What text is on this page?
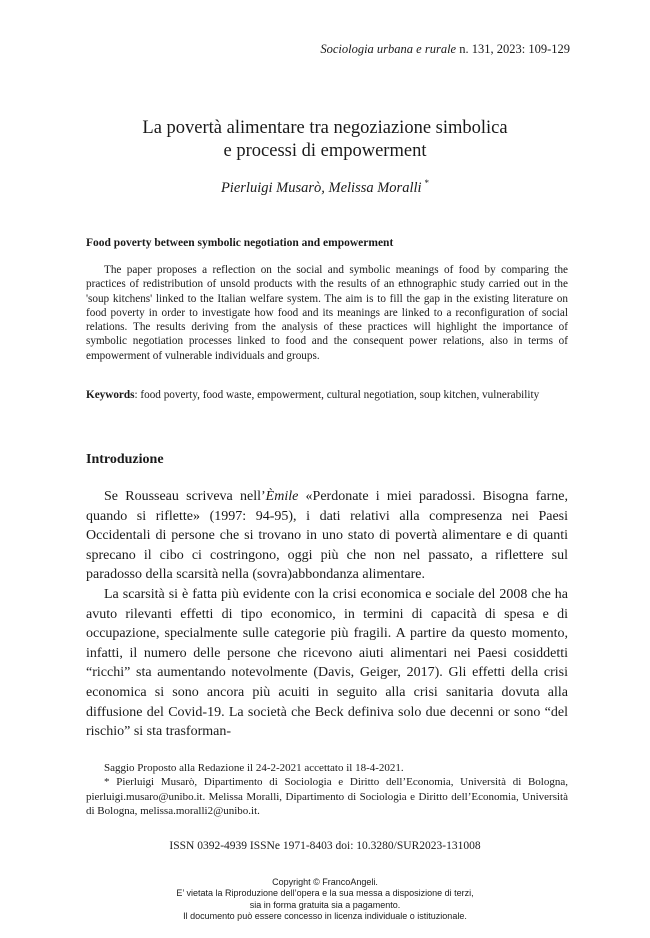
Sociologia urbana e rurale n. 131, 2023: 109-129
La povertà alimentare tra negoziazione simbolica
e processi di empowerment
Pierluigi Musarò, Melissa Moralli *
Food poverty between symbolic negotiation and empowerment

The paper proposes a reflection on the social and symbolic meanings of food by comparing the practices of redistribution of unsold products with the results of an ethnographic study carried out in the 'soup kitchens' linked to the Italian welfare system. The aim is to fill the gap in the existing literature on food poverty in order to investigate how food and its meanings are linked to a reconfiguration of social relations. The results deriving from the analysis of these practices will highlight the importance of symbolic negotiation processes linked to food and the consequent power relations, also in terms of empowerment of vulnerable individuals and groups.

Keywords: food poverty, food waste, empowerment, cultural negotiation, soup kitchen, vulnerability

Introduzione

Se Rousseau scriveva nell’Èmile «Perdonate i miei paradossi. Bisogna farne, quando si riflette» (1997: 94-95), i dati relativi alla compresenza nei Paesi Occidentali di persone che si trovano in uno stato di povertà alimentare e di quanti sprecano il cibo ci costringono, oggi più che non nel passato, a riflettere sul paradosso della scarsità nella (sovra)abbondanza alimentare.

La scarsità si è fatta più evidente con la crisi economica e sociale del 2008 che ha avuto rilevanti effetti di tipo economico, in termini di capacità di spesa e di occupazione, specialmente sulle categorie più fragili. A partire da questo momento, infatti, il numero delle persone che ricevono aiuti alimentari nei Paesi cosiddetti “ricchi” sta aumentando notevolmente (Davis, Geiger, 2017). Gli effetti della crisi economica si sono ancora più acuiti in seguito alla crisi sanitaria dovuta alla diffusione del Covid-19. La società che Beck definiva solo due decenni or sono “del rischio” si sta trasforman-

Saggio Proposto alla Redazione il 24-2-2021 accettato il 18-4-2021.

* Pierluigi Musarò, Dipartimento di Sociologia e Diritto dell’Economia, Università di Bologna, pierluigi.musaro@unibo.it. Melissa Moralli, Dipartimento di Sociologia e Diritto dell’Economia, Università di Bologna, melissa.moralli2@unibo.it.

ISSN 0392-4939 ISSNe 1971-8403 doi: 10.3280/SUR2023-131008
Copyright © FrancoAngeli.
E’ vietata la Riproduzione dell’opera e la sua messa a disposizione di terzi,
sia in forma gratuita sia a pagamento.
Il documento può essere concesso in licenza individuale o istituzionale.
